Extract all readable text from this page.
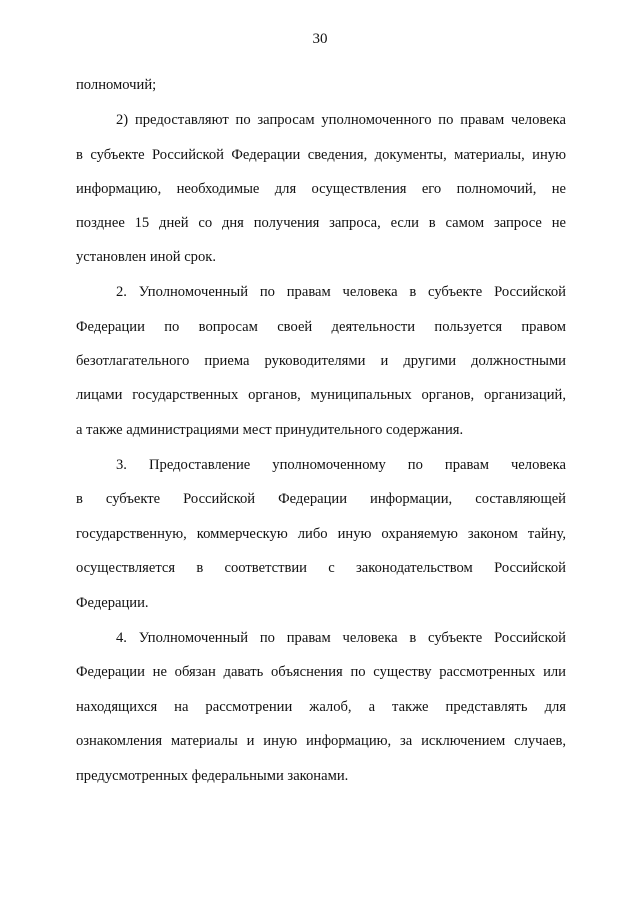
30
полномочий;
2) предоставляют по запросам уполномоченного по правам человека
в субъекте Российской Федерации сведения, документы, материалы, иную
информацию, необходимые для осуществления его полномочий, не
позднее 15 дней со дня получения запроса, если в самом запросе не
установлен иной срок.
2. Уполномоченный по правам человека в субъекте Российской
Федерации по вопросам своей деятельности пользуется правом
безотлагательного приема руководителями и другими должностными
лицами государственных органов, муниципальных органов, организаций,
а также администрациями мест принудительного содержания.
3. Предоставление уполномоченному по правам человека
в субъекте Российской Федерации информации, составляющей
государственную, коммерческую либо иную охраняемую законом тайну,
осуществляется в соответствии с законодательством Российской
Федерации.
4. Уполномоченный по правам человека в субъекте Российской
Федерации не обязан давать объяснения по существу рассмотренных или
находящихся на рассмотрении жалоб, а также представлять для
ознакомления материалы и иную информацию, за исключением случаев,
предусмотренных федеральными законами.
